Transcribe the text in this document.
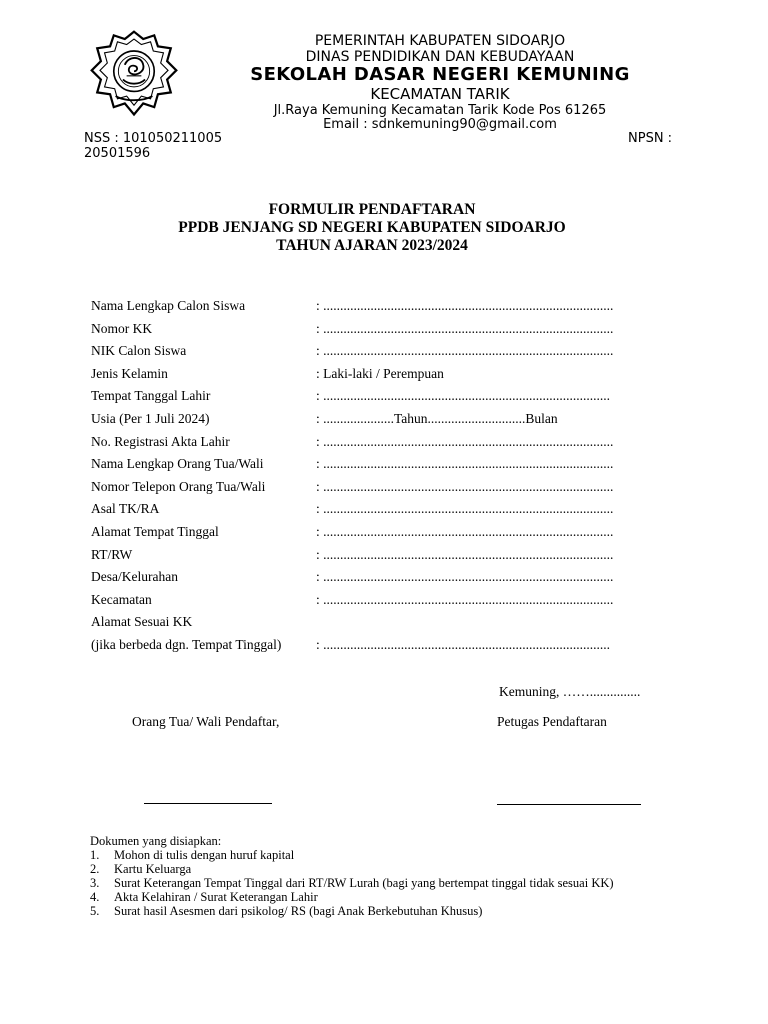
PEMERINTAH KABUPATEN SIDOARJO
DINAS PENDIDIKAN DAN KEBUDAYAAN
SEKOLAH DASAR NEGERI KEMUNING
KECAMATAN TARIK
Jl.Raya Kemuning Kecamatan Tarik Kode Pos 61265
Email : sdnkemuning90@gmail.com
NSS : 101050211005	NPSN :
20501596
FORMULIR PENDAFTARAN
PPDB JENJANG SD NEGERI KABUPATEN SIDOARJO
TAHUN AJARAN 2023/2024
Nama Lengkap Calon Siswa	: ......................................................................................
Nomor KK	: ......................................................................................
NIK Calon Siswa	: ......................................................................................
Jenis Kelamin	: Laki-laki / Perempuan
Tempat Tanggal Lahir	: .....................................................................................
Usia (Per 1 Juli 2024)	: .....................Tahun.............................Bulan
No. Registrasi Akta Lahir	: ......................................................................................
Nama Lengkap Orang Tua/Wali	: ......................................................................................
Nomor Telepon Orang Tua/Wali	: ......................................................................................
Asal TK/RA	: ......................................................................................
Alamat Tempat Tinggal	: ......................................................................................
RT/RW	: ......................................................................................
Desa/Kelurahan	: ......................................................................................
Kecamatan	: ......................................................................................
Alamat Sesuai KK
(jika berbeda dgn. Tempat Tinggal)	: .....................................................................................
Kemuning, ……...............
Orang Tua/ Wali Pendaftar,	Petugas Pendaftaran
Dokumen yang disiapkan:
1. Mohon di tulis dengan huruf kapital
2. Kartu Keluarga
3. Surat Keterangan Tempat Tinggal dari RT/RW Lurah (bagi yang bertempat tinggal tidak sesuai KK)
4. Akta Kelahiran / Surat Keterangan Lahir
5. Surat hasil Asesmen dari psikolog/ RS (bagi Anak Berkebutuhan Khusus)
